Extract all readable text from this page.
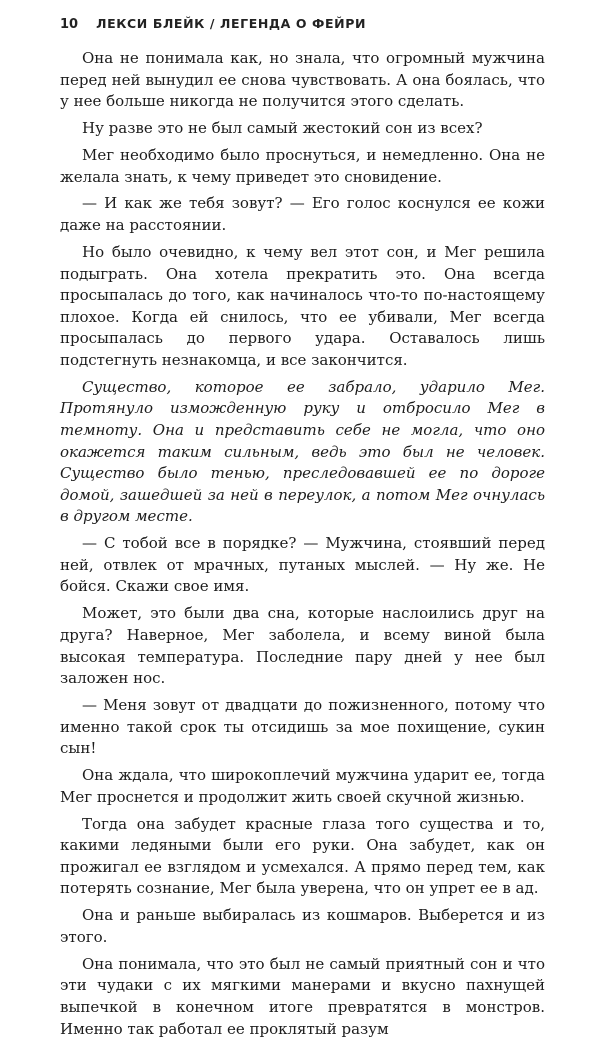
10 ЛЕКСИ БЛЕЙК / ЛЕГЕНДА О ФЕЙРИ

Она не понимала как, но знала, что огромный мужчина перед ней вынудил ее снова чувствовать. А она боялась, что у нее больше никогда не получится этого сделать.

Ну разве это не был самый жестокий сон из всех?

Мег необходимо было проснуться, и немедленно. Она не желала знать, к чему приведет это сновидение.

— И как же тебя зовут? — Его голос коснулся ее кожи даже на расстоянии.

Но было очевидно, к чему вел этот сон, и Мег решила подыграть. Она хотела прекратить это. Она всегда просыпалась до того, как начиналось что-то по-настоящему плохое. Когда ей снилось, что ее убивали, Мег всегда просыпалась до первого удара. Оставалось лишь подстегнуть незнакомца, и все закончится.

Существо, которое ее забрало, ударило Мег. Протянуло изможденную руку и отбросило Мег в темноту. Она и представить себе не могла, что оно окажется таким сильным, ведь это был не человек. Существо было тенью, преследовавшей ее по дороге домой, зашедшей за ней в переулок, а потом Мег очнулась в другом месте.

— С тобой все в порядке? — Мужчина, стоявший перед ней, отвлек от мрачных, путаных мыслей. — Ну же. Не бойся. Скажи свое имя.

Может, это были два сна, которые наслоились друг на друга? Наверное, Мег заболела, и всему виной была высокая температура. Последние пару дней у нее был заложен нос.

— Меня зовут от двадцати до пожизненного, потому что именно такой срок ты отсидишь за мое похищение, сукин сын!

Она ждала, что широкоплечий мужчина ударит ее, тогда Мег проснется и продолжит жить своей скучной жизнью.

Тогда она забудет красные глаза того существа и то, какими ледяными были его руки. Она забудет, как он прожигал ее взглядом и усмехался. А прямо перед тем, как потерять сознание, Мег была уверена, что он упрет ее в ад.

Она и раньше выбиралась из кошмаров. Выберется и из этого.

Она понимала, что это был не самый приятный сон и что эти чудаки с их мягкими манерами и вкусно пахнущей выпечкой в конечном итоге превратятся в монстров. Именно так работал ее проклятый разум
